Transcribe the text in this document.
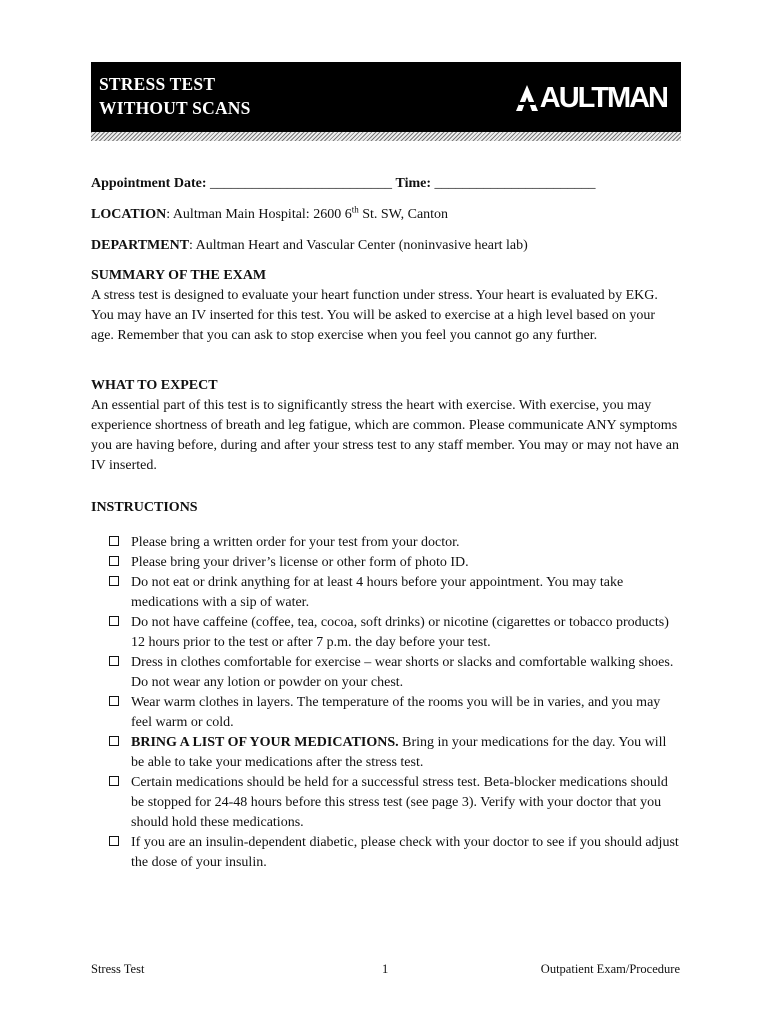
STRESS TEST
WITHOUT SCANS	AULTMAN
Appointment Date: __________________________ Time: _______________________
LOCATION: Aultman Main Hospital: 2600 6th St. SW, Canton
DEPARTMENT: Aultman Heart and Vascular Center (noninvasive heart lab)
SUMMARY OF THE EXAM
A stress test is designed to evaluate your heart function under stress. Your heart is evaluated by EKG. You may have an IV inserted for this test. You will be asked to exercise at a high level based on your age. Remember that you can ask to stop exercise when you feel you cannot go any further.
WHAT TO EXPECT
An essential part of this test is to significantly stress the heart with exercise. With exercise, you may experience shortness of breath and leg fatigue, which are common. Please communicate ANY symptoms you are having before, during and after your stress test to any staff member. You may or may not have an IV inserted.
INSTRUCTIONS
Please bring a written order for your test from your doctor.
Please bring your driver’s license or other form of photo ID.
Do not eat or drink anything for at least 4 hours before your appointment. You may take medications with a sip of water.
Do not have caffeine (coffee, tea, cocoa, soft drinks) or nicotine (cigarettes or tobacco products) 12 hours prior to the test or after 7 p.m. the day before your test.
Dress in clothes comfortable for exercise – wear shorts or slacks and comfortable walking shoes. Do not wear any lotion or powder on your chest.
Wear warm clothes in layers. The temperature of the rooms you will be in varies, and you may feel warm or cold.
BRING A LIST OF YOUR MEDICATIONS. Bring in your medications for the day. You will be able to take your medications after the stress test.
Certain medications should be held for a successful stress test. Beta-blocker medications should be stopped for 24-48 hours before this stress test (see page 3). Verify with your doctor that you should hold these medications.
If you are an insulin-dependent diabetic, please check with your doctor to see if you should adjust the dose of your insulin.
Stress Test	1	Outpatient Exam/Procedure
